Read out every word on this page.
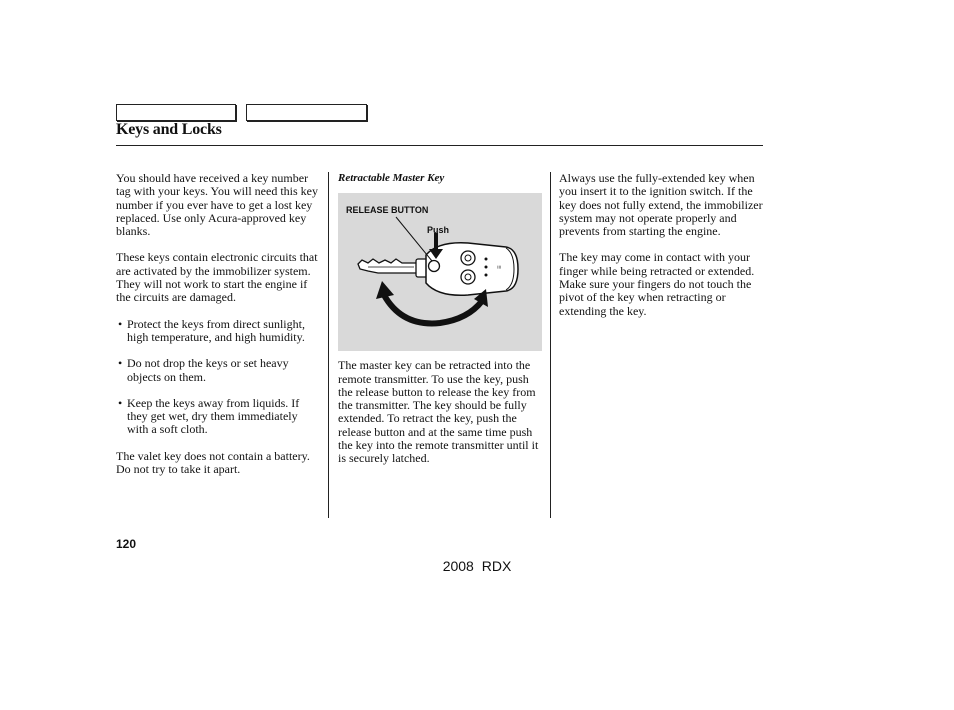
Keys and Locks

You should have received a key number tag with your keys. You will need this key number if you ever have to get a lost key replaced. Use only Acura-approved key blanks.

These keys contain electronic circuits that are activated by the immobilizer system. They will not work to start the engine if the circuits are damaged.

• Protect the keys from direct sunlight, high temperature, and high humidity.

• Do not drop the keys or set heavy objects on them.

• Keep the keys away from liquids. If they get wet, dry them immediately with a soft cloth.

The valet key does not contain a battery. Do not try to take it apart.

Retractable Master Key

≡
RELEASE BUTTON
Push

The master key can be retracted into the remote transmitter. To use the key, push the release button to release the key from the transmitter. The key should be fully extended. To retract the key, push the release button and at the same time push the key into the remote transmitter until it is securely latched.

Always use the fully-extended key when you insert it to the ignition switch. If the key does not fully extend, the immobilizer system may not operate properly and prevents from starting the engine.

The key may come in contact with your finger while being retracted or extended. Make sure your fingers do not touch the pivot of the key when retracting or extending the key.

120
2008 RDX
